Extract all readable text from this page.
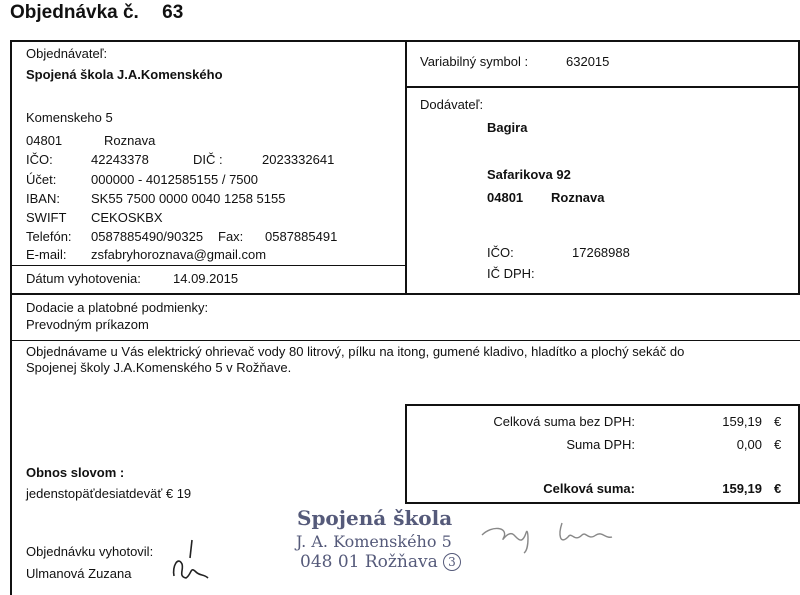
Objednávka č. 63
Objednávateľ:
Spojená škola J.A.Komenského
Komenskeho 5
04801	Roznava
IČO:	42243378	DIČ :	2023332641
Účet:	000000 - 4012585155 / 7500
IBAN: SK55 7500 0000 0040 1258 5155
SWIFT CEKOSKBX
Telefón: 0587885490/90325 Fax: 0587885491
E-mail: zsfabryhoroznava@gmail.com
Dátum vyhotovenia: 14.09.2015
Variabilný symbol :	632015
Dodávateľ:
Bagira
Safarikova 92
04801 Roznava
IČO:	17268988
IČ DPH:
Dodacie a platobné podmienky:
Prevodným príkazom
Objednávame u Vás elektrický ohrievač vody 80 litrový, pílku na itong, gumené kladivo, hladítko a plochý sekáč do
Spojenej školy J.A.Komenského 5 v Rožňave.
Celková suma bez DPH:	159,19 €
Suma DPH:	0,00 €
Celková suma:	159,19 €
Obnos slovom :
jedenstopäťdesiatdeväť € 19
Objednávku vyhotovil:
Ulmanová Zuzana
Spojená škola
J. A. Komenského 5
048 01 Rožňava 3
